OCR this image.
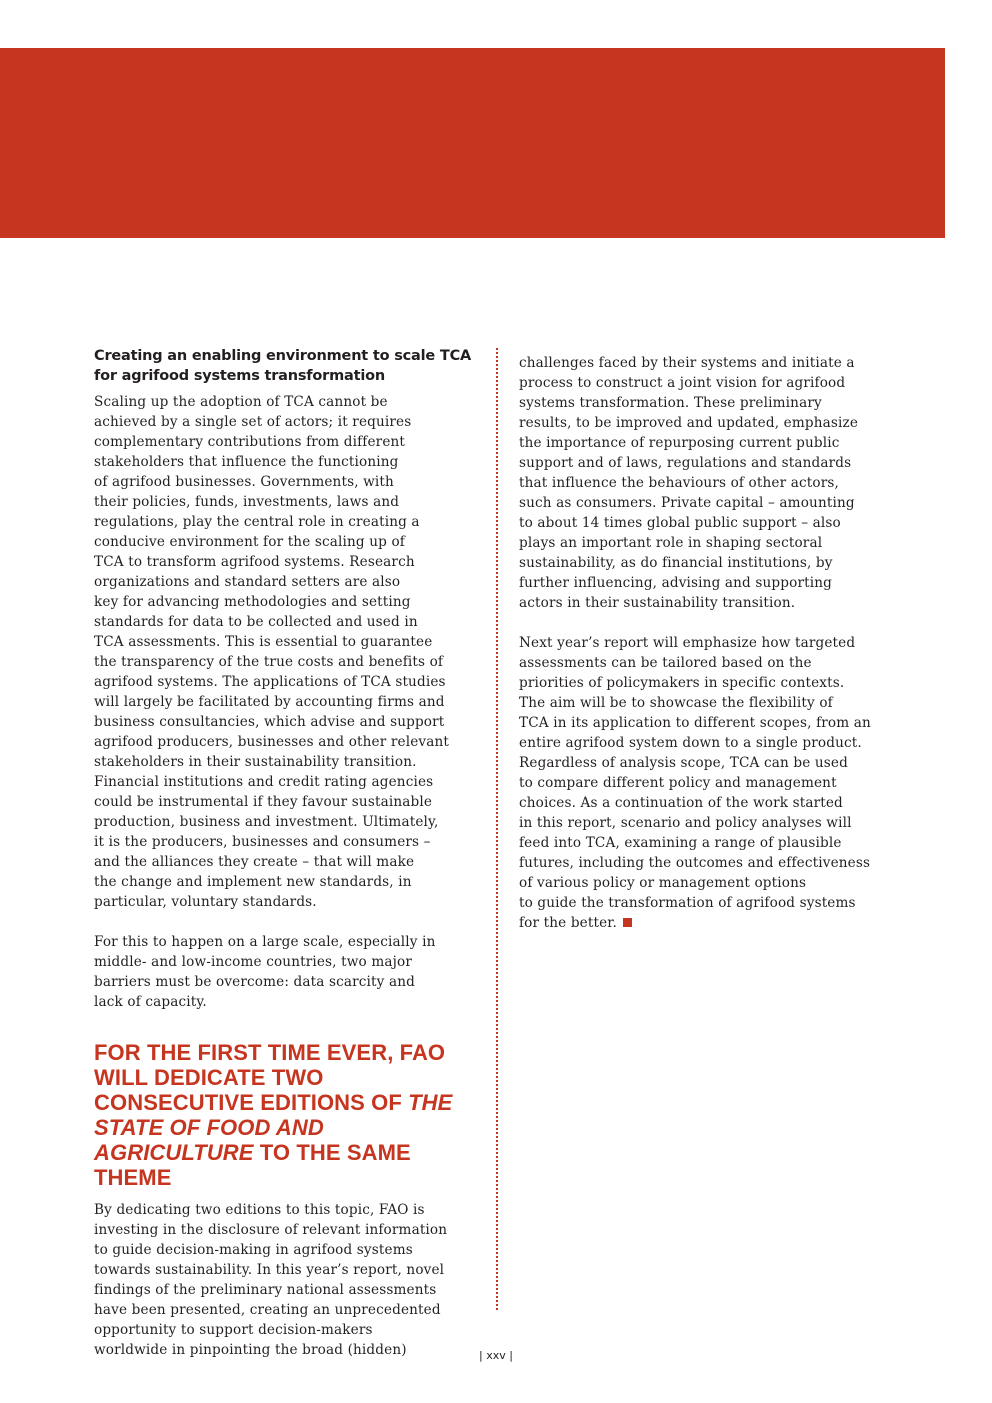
Creating an enabling environment to scale TCA
for agrifood systems transformation

Scaling up the adoption of TCA cannot be
achieved by a single set of actors; it requires
complementary contributions from different
stakeholders that influence the functioning
of agrifood businesses. Governments, with
their policies, funds, investments, laws and
regulations, play the central role in creating a
conducive environment for the scaling up of
TCA to transform agrifood systems. Research
organizations and standard setters are also
key for advancing methodologies and setting
standards for data to be collected and used in
TCA assessments. This is essential to guarantee
the transparency of the true costs and benefits of
agrifood systems. The applications of TCA studies
will largely be facilitated by accounting firms and
business consultancies, which advise and support
agrifood producers, businesses and other relevant
stakeholders in their sustainability transition.
Financial institutions and credit rating agencies
could be instrumental if they favour sustainable
production, business and investment. Ultimately,
it is the producers, businesses and consumers –
and the alliances they create – that will make
the change and implement new standards, in
particular, voluntary standards.

For this to happen on a large scale, especially in
middle- and low-income countries, two major
barriers must be overcome: data scarcity and
lack of capacity.

FOR THE FIRST TIME EVER, FAO WILL DEDICATE TWO CONSECUTIVE EDITIONS OF THE STATE OF FOOD AND AGRICULTURE TO THE SAME THEME

By dedicating two editions to this topic, FAO is
investing in the disclosure of relevant information
to guide decision-making in agrifood systems
towards sustainability. In this year’s report, novel
findings of the preliminary national assessments
have been presented, creating an unprecedented
opportunity to support decision-makers
worldwide in pinpointing the broad (hidden)

challenges faced by their systems and initiate a
process to construct a joint vision for agrifood
systems transformation. These preliminary
results, to be improved and updated, emphasize
the importance of repurposing current public
support and of laws, regulations and standards
that influence the behaviours of other actors,
such as consumers. Private capital – amounting
to about 14 times global public support – also
plays an important role in shaping sectoral
sustainability, as do financial institutions, by
further influencing, advising and supporting
actors in their sustainability transition.

Next year’s report will emphasize how targeted
assessments can be tailored based on the
priorities of policymakers in specific contexts.
The aim will be to showcase the flexibility of
TCA in its application to different scopes, from an
entire agrifood system down to a single product.
Regardless of analysis scope, TCA can be used
to compare different policy and management
choices. As a continuation of the work started
in this report, scenario and policy analyses will
feed into TCA, examining a range of plausible
futures, including the outcomes and effectiveness
of various policy or management options
to guide the transformation of agrifood systems
for the better.

| xxv |
